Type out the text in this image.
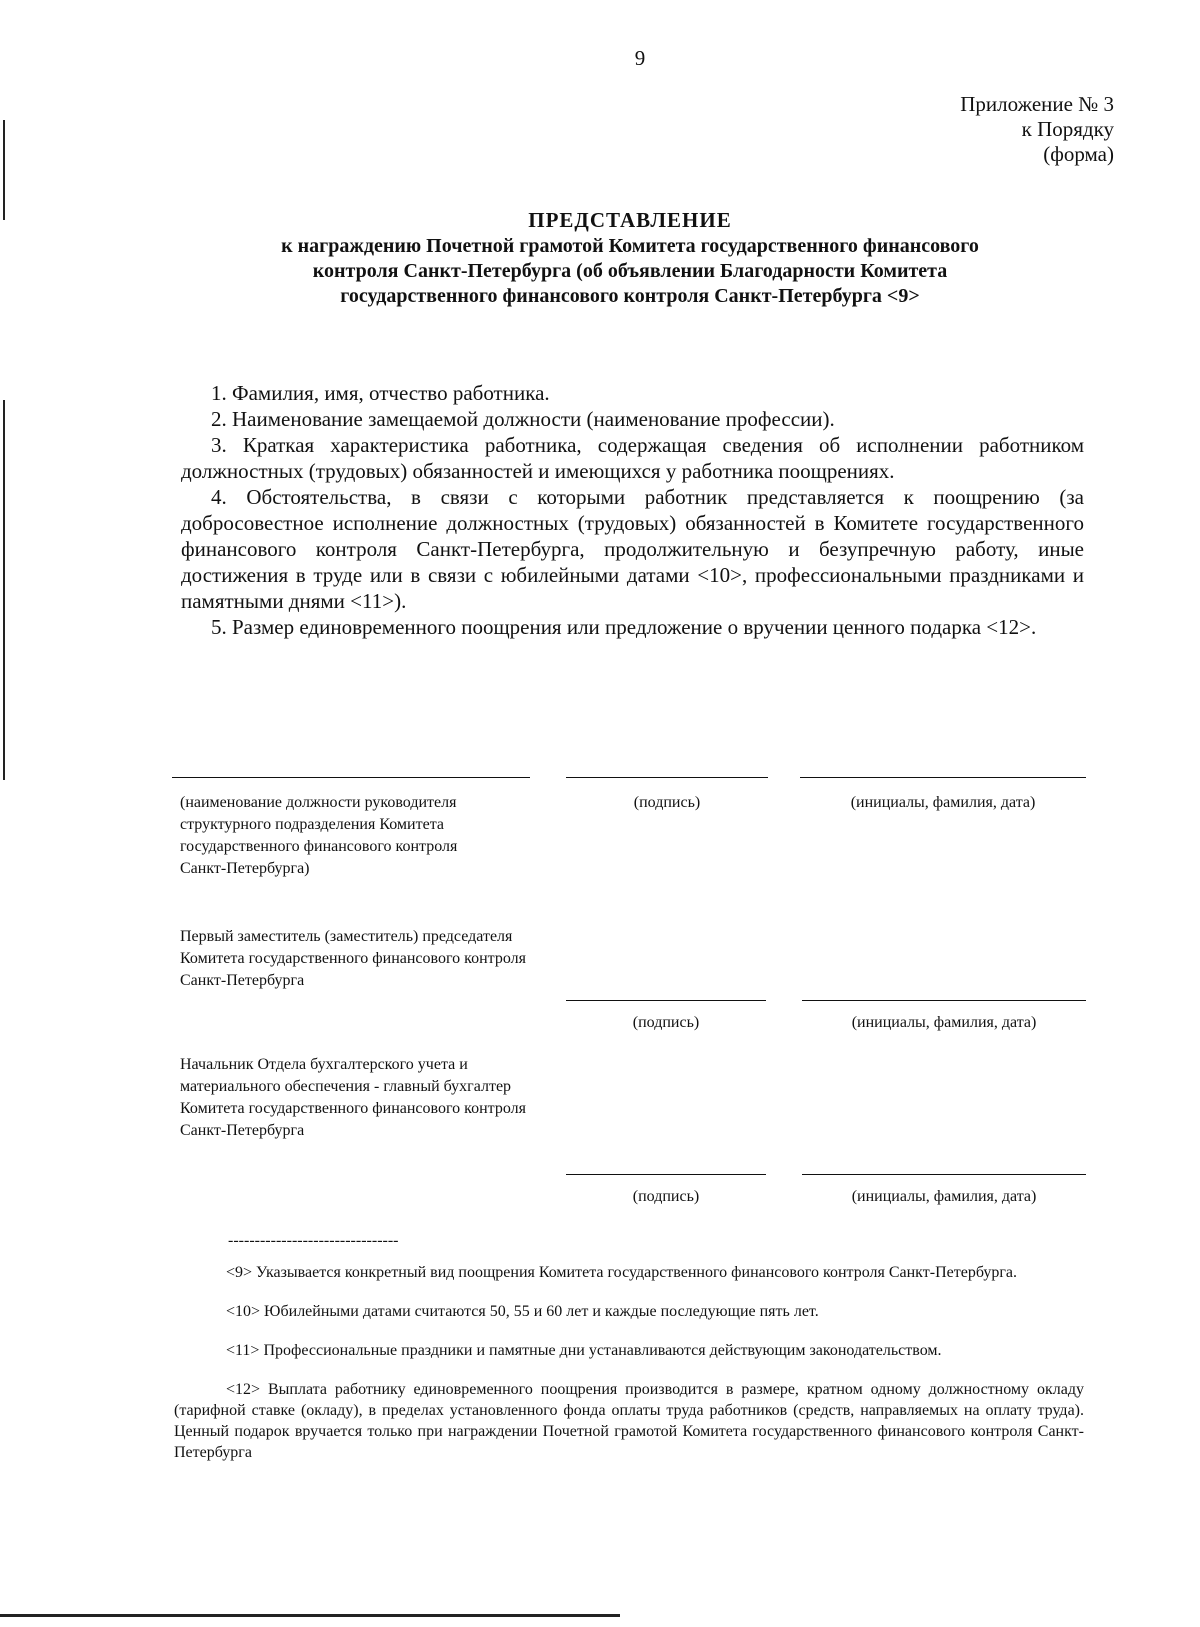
9
Приложение № 3
к Порядку
(форма)
ПРЕДСТАВЛЕНИЕ
к награждению Почетной грамотой Комитета государственного финансового
контроля Санкт-Петербурга (об объявлении Благодарности Комитета
государственного финансового контроля Санкт-Петербурга <9>

1. Фамилия, имя, отчество работника.

2. Наименование замещаемой должности (наименование профессии).

3. Краткая характеристика работника, содержащая сведения об исполнении работником должностных (трудовых) обязанностей и имеющихся у работника поощрениях.

4. Обстоятельства, в связи с которыми работник представляется к поощрению (за добросовестное исполнение должностных (трудовых) обязанностей в Комитете государственного финансового контроля Санкт-Петербурга, продолжительную и безупречную работу, иные достижения в труде или в связи с юбилейными датами <10>, профессиональными праздниками и памятными днями <11>).

5. Размер единовременного поощрения или предложение о вручении ценного подарка <12>.

(наименование должности руководителя структурного подразделения Комитета государственного финансового контроля Санкт-Петербурга)
(подпись)	(инициалы, фамилия, дата)
Первый заместитель (заместитель) председателя Комитета государственного финансового контроля Санкт-Петербурга
(подпись)	(инициалы, фамилия, дата)
Начальник Отдела бухгалтерского учета и материального обеспечения - главный бухгалтер Комитета государственного финансового контроля Санкт-Петербурга
(подпись)	(инициалы, фамилия, дата)
--------------------------------

<9> Указывается конкретный вид поощрения Комитета государственного финансового контроля Санкт-Петербурга.

<10> Юбилейными датами считаются 50, 55 и 60 лет и каждые последующие пять лет.

<11> Профессиональные праздники и памятные дни устанавливаются действующим законодательством.

<12> Выплата работнику единовременного поощрения производится в размере, кратном одному должностному окладу (тарифной ставке (окладу), в пределах установленного фонда оплаты труда работников (средств, направляемых на оплату труда). Ценный подарок вручается только при награждении Почетной грамотой Комитета государственного финансового контроля Санкт-Петербурга
